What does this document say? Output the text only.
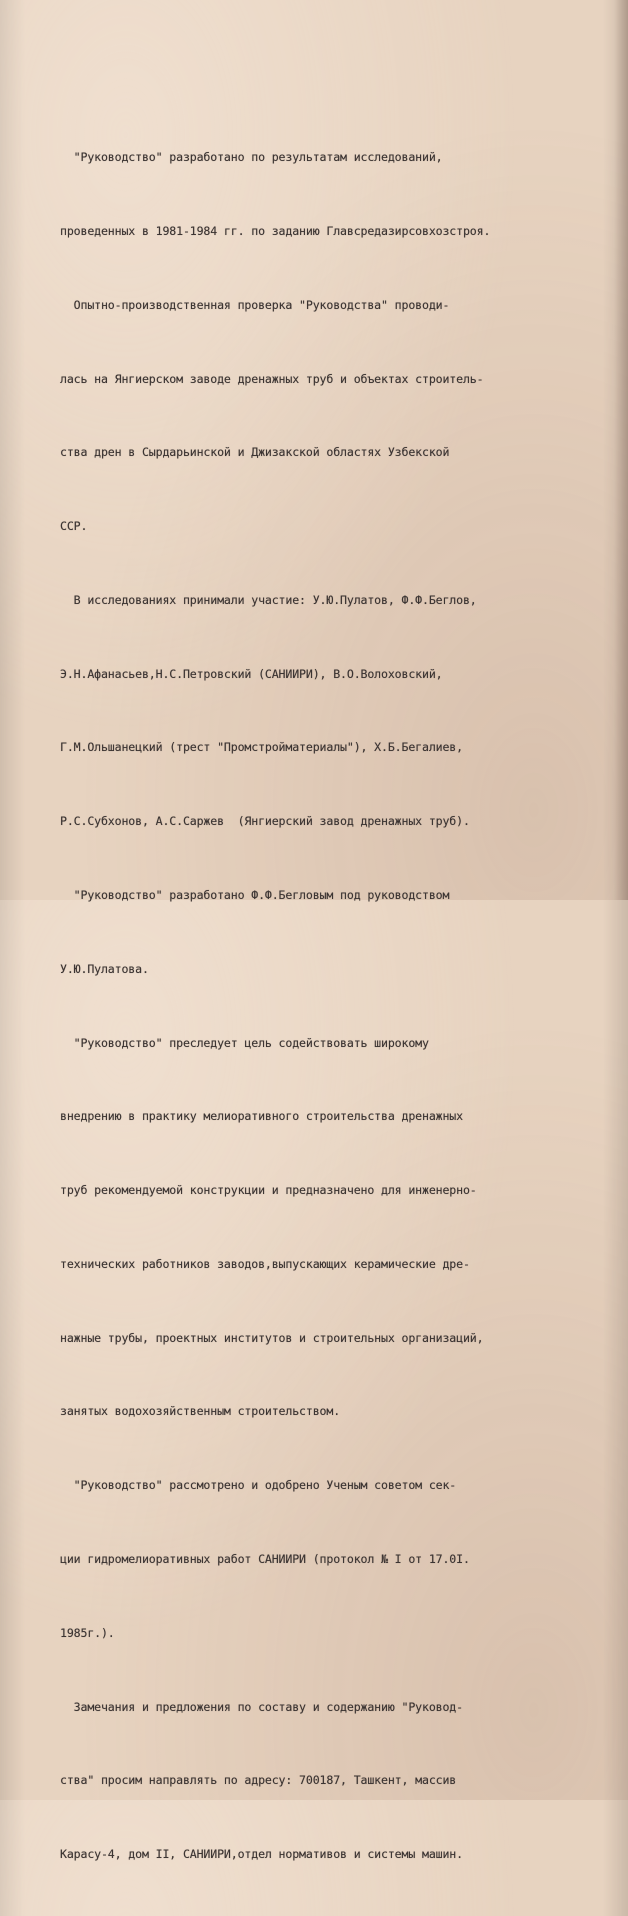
"Руководство" разработано по результатам исследований,

проведенных в 1981-1984 гг. по заданию Главсредазирсовхозстроя.

Опытно-производственная проверка "Руководства" проводи-

лась на Янгиерском заводе дренажных труб и объектах строитель-

ства дрен в Сырдарьинской и Джизакской областях Узбекской

ССР.

В исследованиях принимали участие: У.Ю.Пулатов, Ф.Ф.Беглов,

Э.Н.Афанасьев,Н.С.Петровский (САНИИРИ), В.О.Волоховский,

Г.М.Ольшанецкий (трест "Промстройматериалы"), Х.Б.Бегалиев,

Р.С.Субхонов, А.С.Саржев  (Янгиерский завод дренажных труб).

"Руководство" разработано Ф.Ф.Бегловым под руководством

У.Ю.Пулатова.

"Руководство" преследует цель содействовать широкому

внедрению в практику мелиоративного строительства дренажных

труб рекомендуемой конструкции и предназначено для инженерно-

технических работников заводов,выпускающих керамические дре-

нажные трубы, проектных институтов и строительных организаций,

занятых водохозяйственным строительством.

"Руководство" рассмотрено и одобрено Ученым советом сек-

ции гидромелиоративных работ САНИИРИ (протокол № I от 17.0I.

1985г.).

Замечания и предложения по составу и содержанию "Руковод-

ства" просим направлять по адресу: 700187, Ташкент, массив

Карасу-4, дом II, САНИИРИ,отдел нормативов и системы машин.
